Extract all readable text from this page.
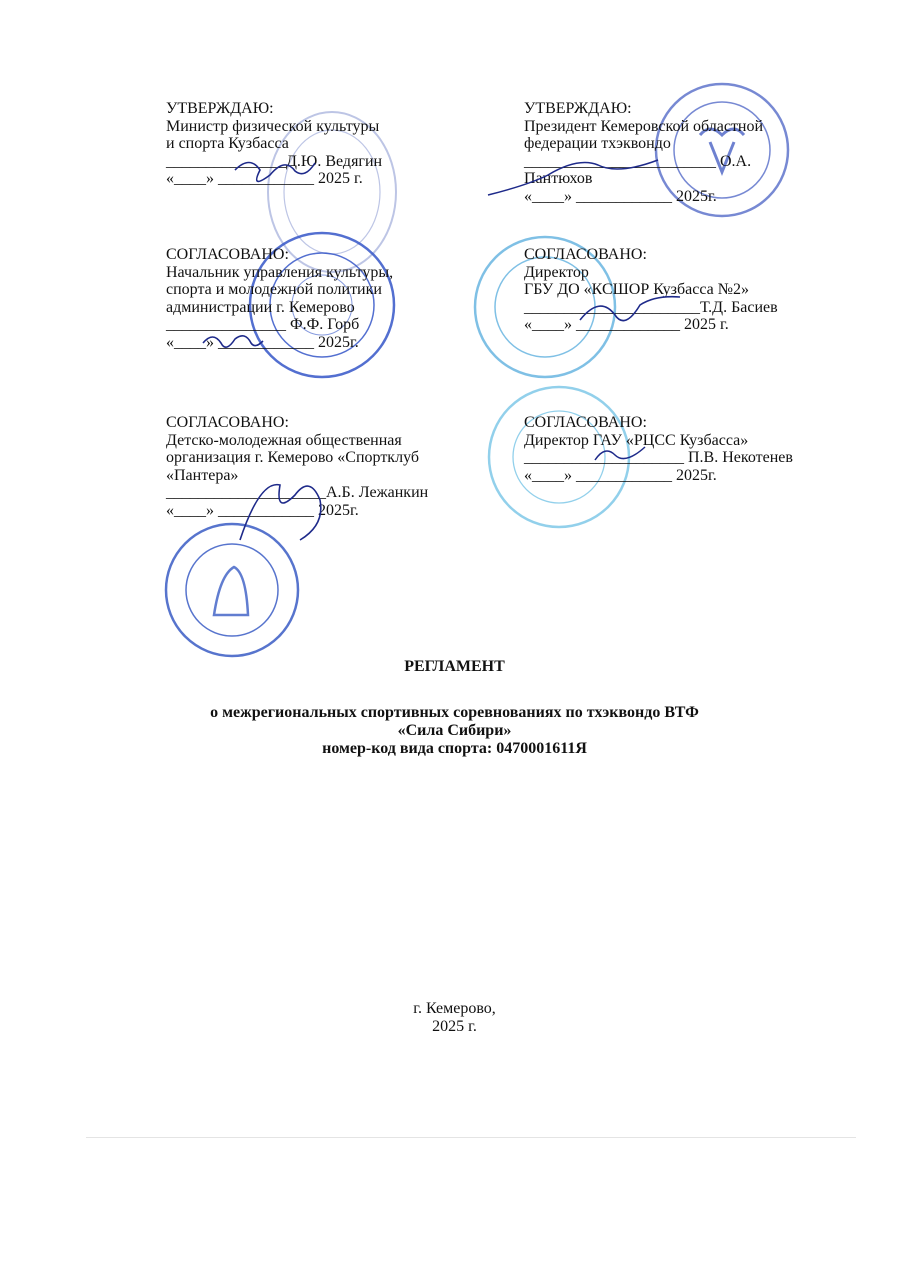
УТВЕРЖДАЮ:
Министр физической культуры
и спорта Кузбасса
_______________Д.Ю. Ведягин
«____» ____________ 2025 г.
УТВЕРЖДАЮ:
Президент Кемеровской областной
федерации тхэквондо
________________________ О.А.
Пантюхов
«____» ____________ 2025г.
СОГЛАСОВАНО:
Начальник управления культуры,
спорта и молодежной политики
администрации г. Кемерово
_______________ Ф.Ф. Горб
«____» ____________ 2025г.
СОГЛАСОВАНО:
Директор
ГБУ ДО «КСШОР Кузбасса №2»
______________________Т.Д. Басиев
«____» _____________ 2025 г.
СОГЛАСОВАНО:
Детско-молодежная общественная
организация г. Кемерово «Спортклуб
«Пантера»
____________________А.Б. Лежанкин
«____» ____________ 2025г.
СОГЛАСОВАНО:
Директор ГАУ «РЦСС Кузбасса»
____________________ П.В. Некотенев
«____» ____________ 2025г.
РЕГЛАМЕНТ
о межрегиональных спортивных соревнованиях по тхэквондо ВТФ
«Сила Сибири»
номер-код вида спорта: 0470001611Я
г. Кемерово,
2025 г.
